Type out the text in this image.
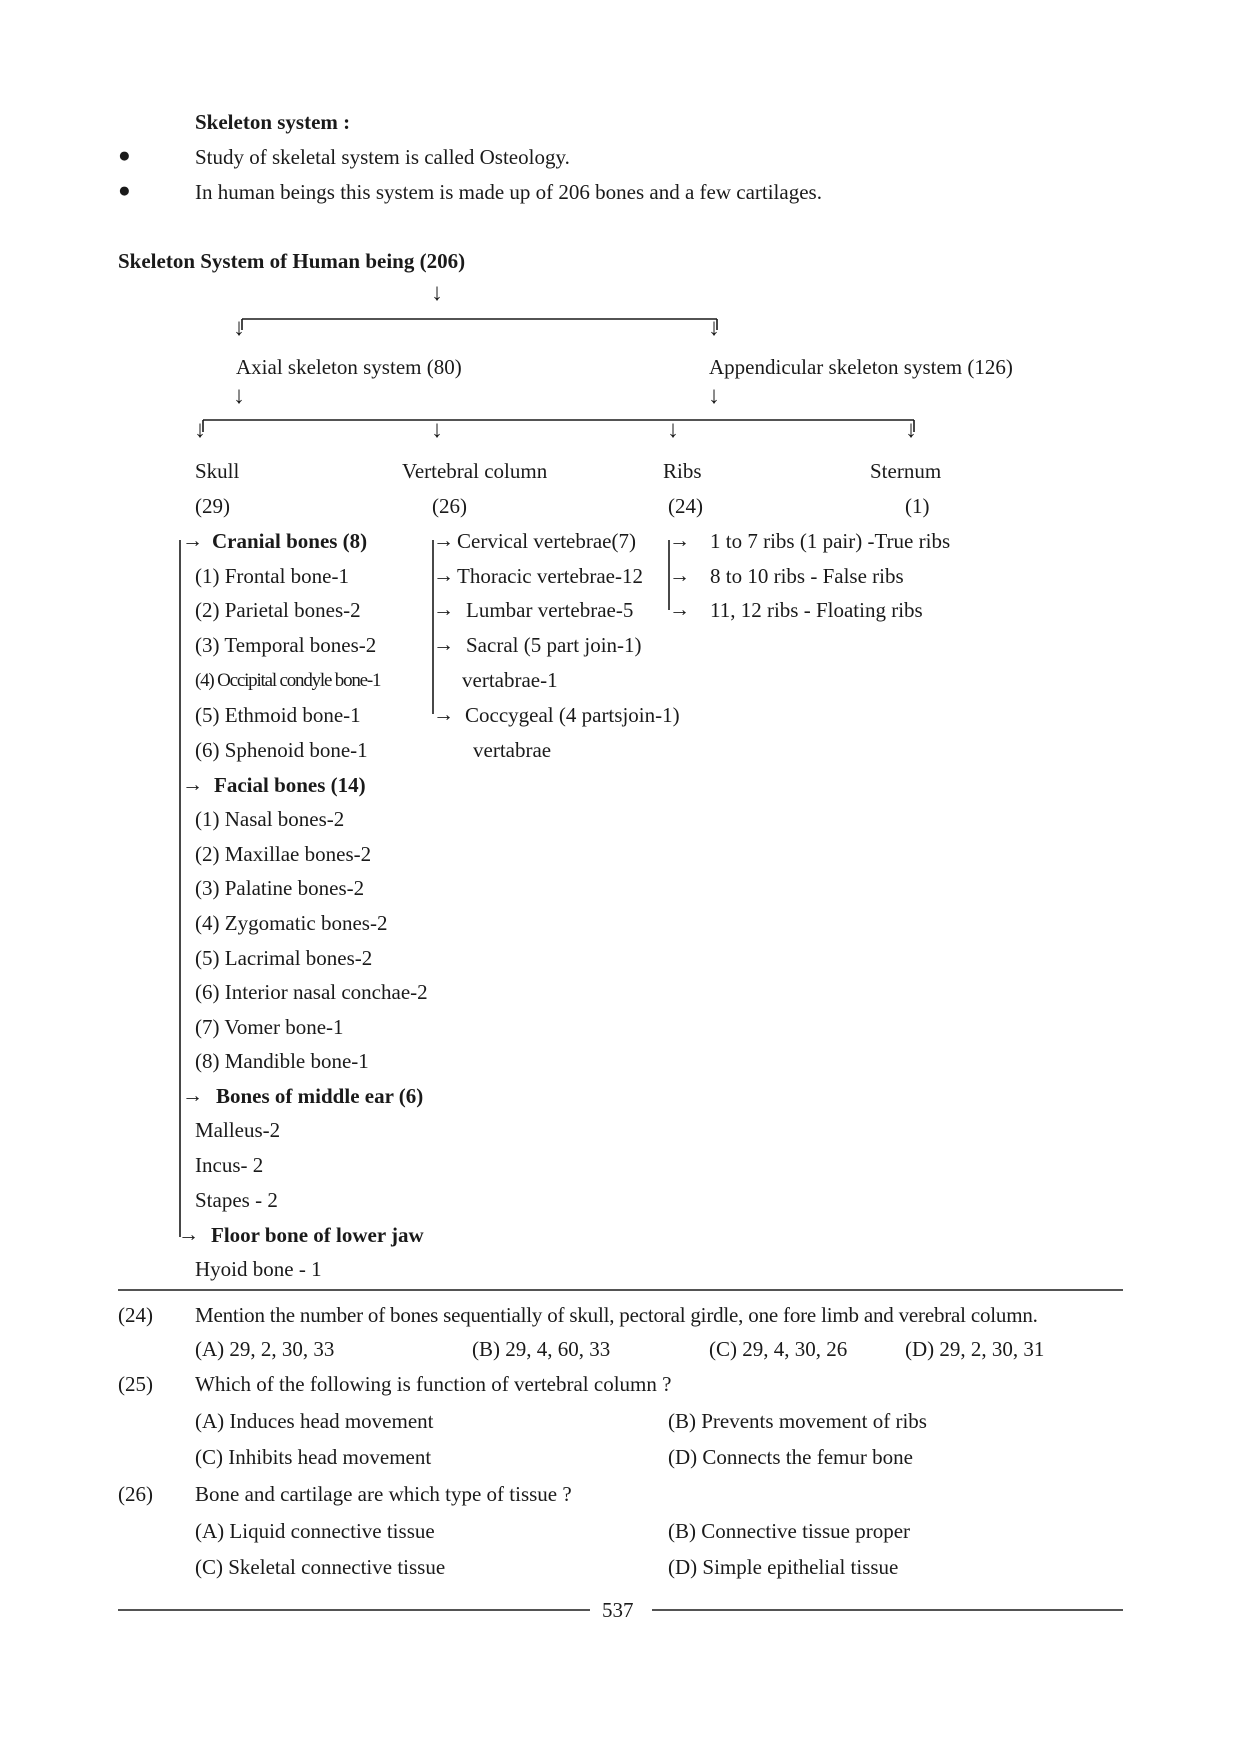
Skeleton system :
●	Study of skeletal system is called Osteology.
●	In human beings this system is made up of 206 bones and a few cartilages.
Skeleton System of Human being (206)
↓
↓	↓
↓	↓
↓	↓	↓	↓
Axial skeleton system (80)	Appendicular skeleton system (126)
Skull
(29)
Vertebral column
(26)
Ribs
(24)
Sternum
(1)
→ Cranial bones (8)
(1) Frontal bone-1
(2) Parietal bones-2
(3) Temporal bones-2
(4) Occipital condyle bone-1
(5) Ethmoid bone-1
(6) Sphenoid bone-1
→ Facial bones (14)
(1) Nasal bones-2
(2) Maxillae bones-2
(3) Palatine bones-2
(4) Zygomatic bones-2
(5) Lacrimal bones-2
(6) Interior nasal conchae-2
(7) Vomer bone-1
(8) Mandible bone-1
→ Bones of middle ear (6)
Malleus-2
Incus- 2
Stapes - 2
→ Floor bone of lower jaw
Hyoid bone - 1
→ Cervical vertebrae(7)
→ Thoracic vertebrae-12
→ Lumbar vertebrae-5
→ Sacral (5 part join-1)
vertabrae-1
→ Coccygeal (4 partsjoin-1)
vertabrae
→ 1 to 7 ribs (1 pair) -True ribs
→ 8 to 10 ribs - False ribs
→ 11, 12 ribs - Floating ribs
(24) Mention the number of bones sequentially of skull, pectoral girdle, one fore limb and verebral column.
(A) 29, 2, 30, 33	(B) 29, 4, 60, 33	(C) 29, 4, 30, 26	(D) 29, 2, 30, 31
(25) Which of the following is function of vertebral column ?
(A) Induces head movement	(B) Prevents movement of ribs
(C) Inhibits head movement	(D) Connects the femur bone
(26) Bone and cartilage are which type of tissue ?
(A) Liquid connective tissue	(B) Connective tissue proper
(C) Skeletal connective tissue	(D) Simple epithelial tissue
537
